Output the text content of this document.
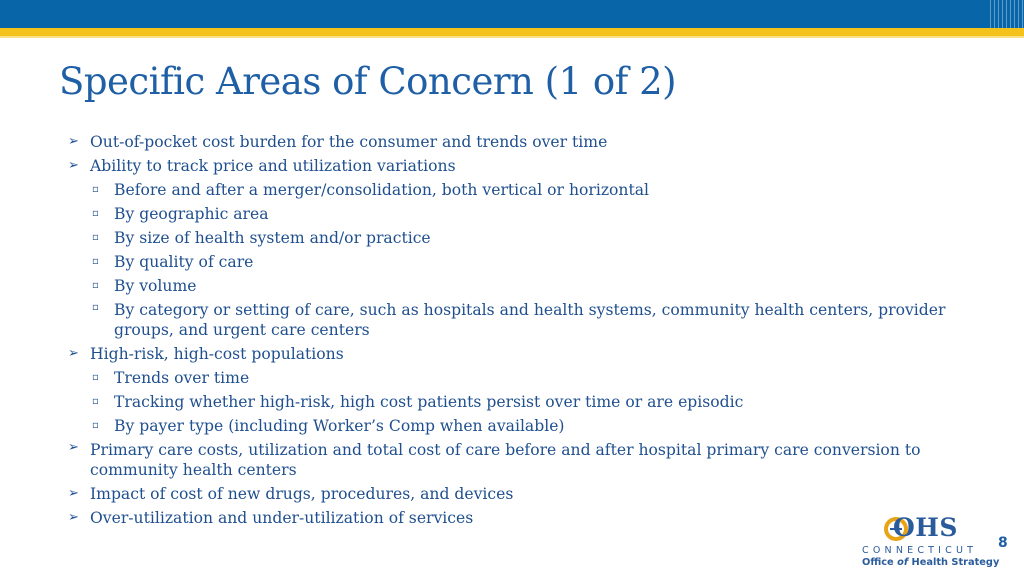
Specific Areas of Concern (1 of 2)
➢ Out-of-pocket cost burden for the consumer and trends over time
➢ Ability to track price and utilization variations
▫ Before and after a merger/consolidation, both vertical or horizontal
▫ By geographic area
▫ By size of health system and/or practice
▫ By quality of care
▫ By volume
▫ By category or setting of care, such as hospitals and health systems, community health centers, provider groups, and urgent care centers
➢ High-risk, high-cost populations
▫ Trends over time
▫ Tracking whether high-risk, high cost patients persist over time or are episodic
▫ By payer type (including Worker’s Comp when available)
➢ Primary care costs, utilization and total cost of care before and after hospital primary care conversion to community health centers
➢ Impact of cost of new drugs, procedures, and devices
➢ Over-utilization and under-utilization of services	OHS
CONNECTICUT
Office of Health Strategy
8
